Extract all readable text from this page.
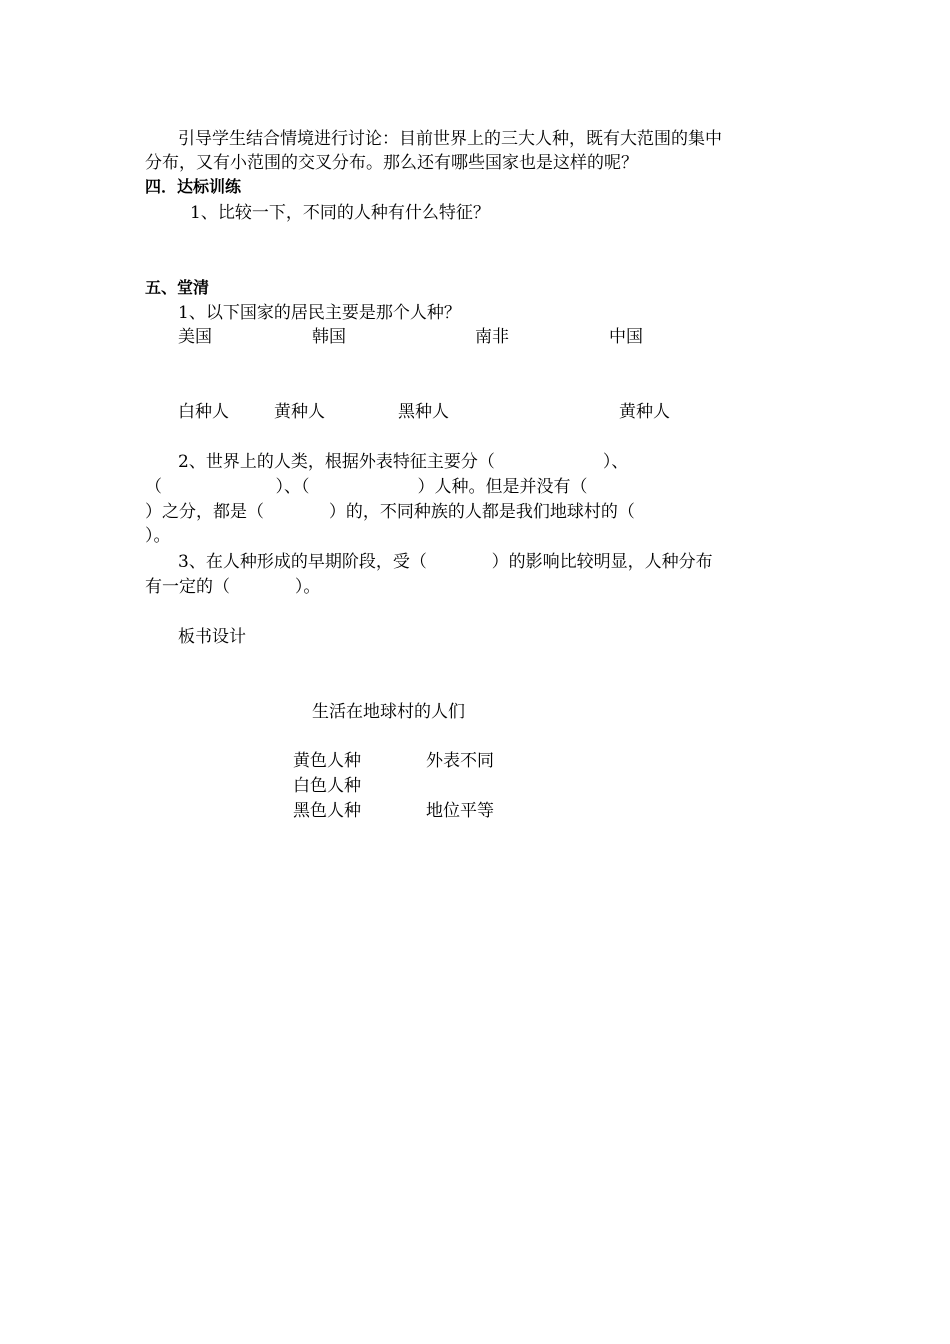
引导学生结合情境进行讨论：目前世界上的三大人种，既有大范围的集中
分布，又有小范围的交叉分布。那么还有哪些国家也是这样的呢？
四．达标训练
1、比较一下，不同的人种有什么特征？
五、堂清
1、以下国家的居民主要是那个人种？
美国	韩国	南非	中国
白种人	黄种人	黑种人	黄种人
2、世界上的人类，根据外表特征主要分（                    ）、
（                     ）、（                    ）人种。但是并没有（
）之分，都是（            ）的，不同种族的人都是我们地球村的（
）。
3、在人种形成的早期阶段，受（            ）的影响比较明显，人种分布
有一定的（            ）。
板书设计
生活在地球村的人们
黄色人种	外表不同
白色人种
黑色人种	地位平等
